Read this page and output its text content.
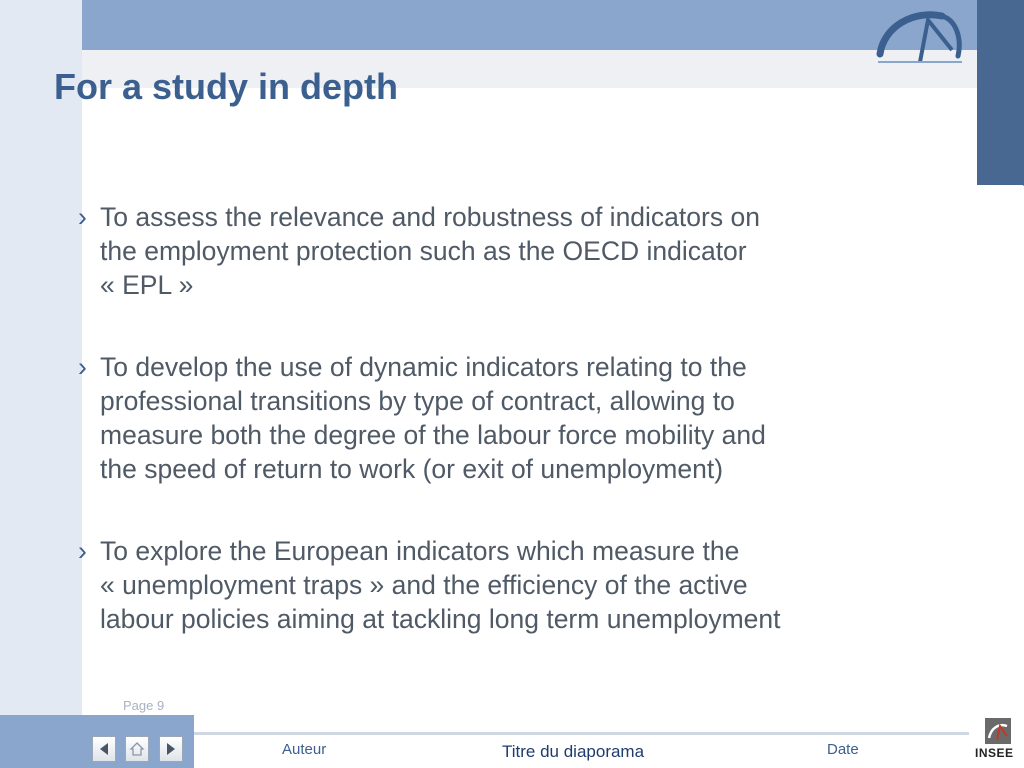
For a study in depth
› To assess the relevance and robustness of indicators on
the employment protection such as the OECD indicator
« EPL »
› To develop the use of dynamic indicators relating to the
professional transitions by type of contract, allowing to
measure both the degree of the labour force mobility and
the speed of return to work (or exit of unemployment)
› To explore the European indicators which measure the
« unemployment traps » and the efficiency of the active
labour policies aiming at tackling long term unemployment
Page 9
Auteur	Titre du diaporama	Date	INSEE
